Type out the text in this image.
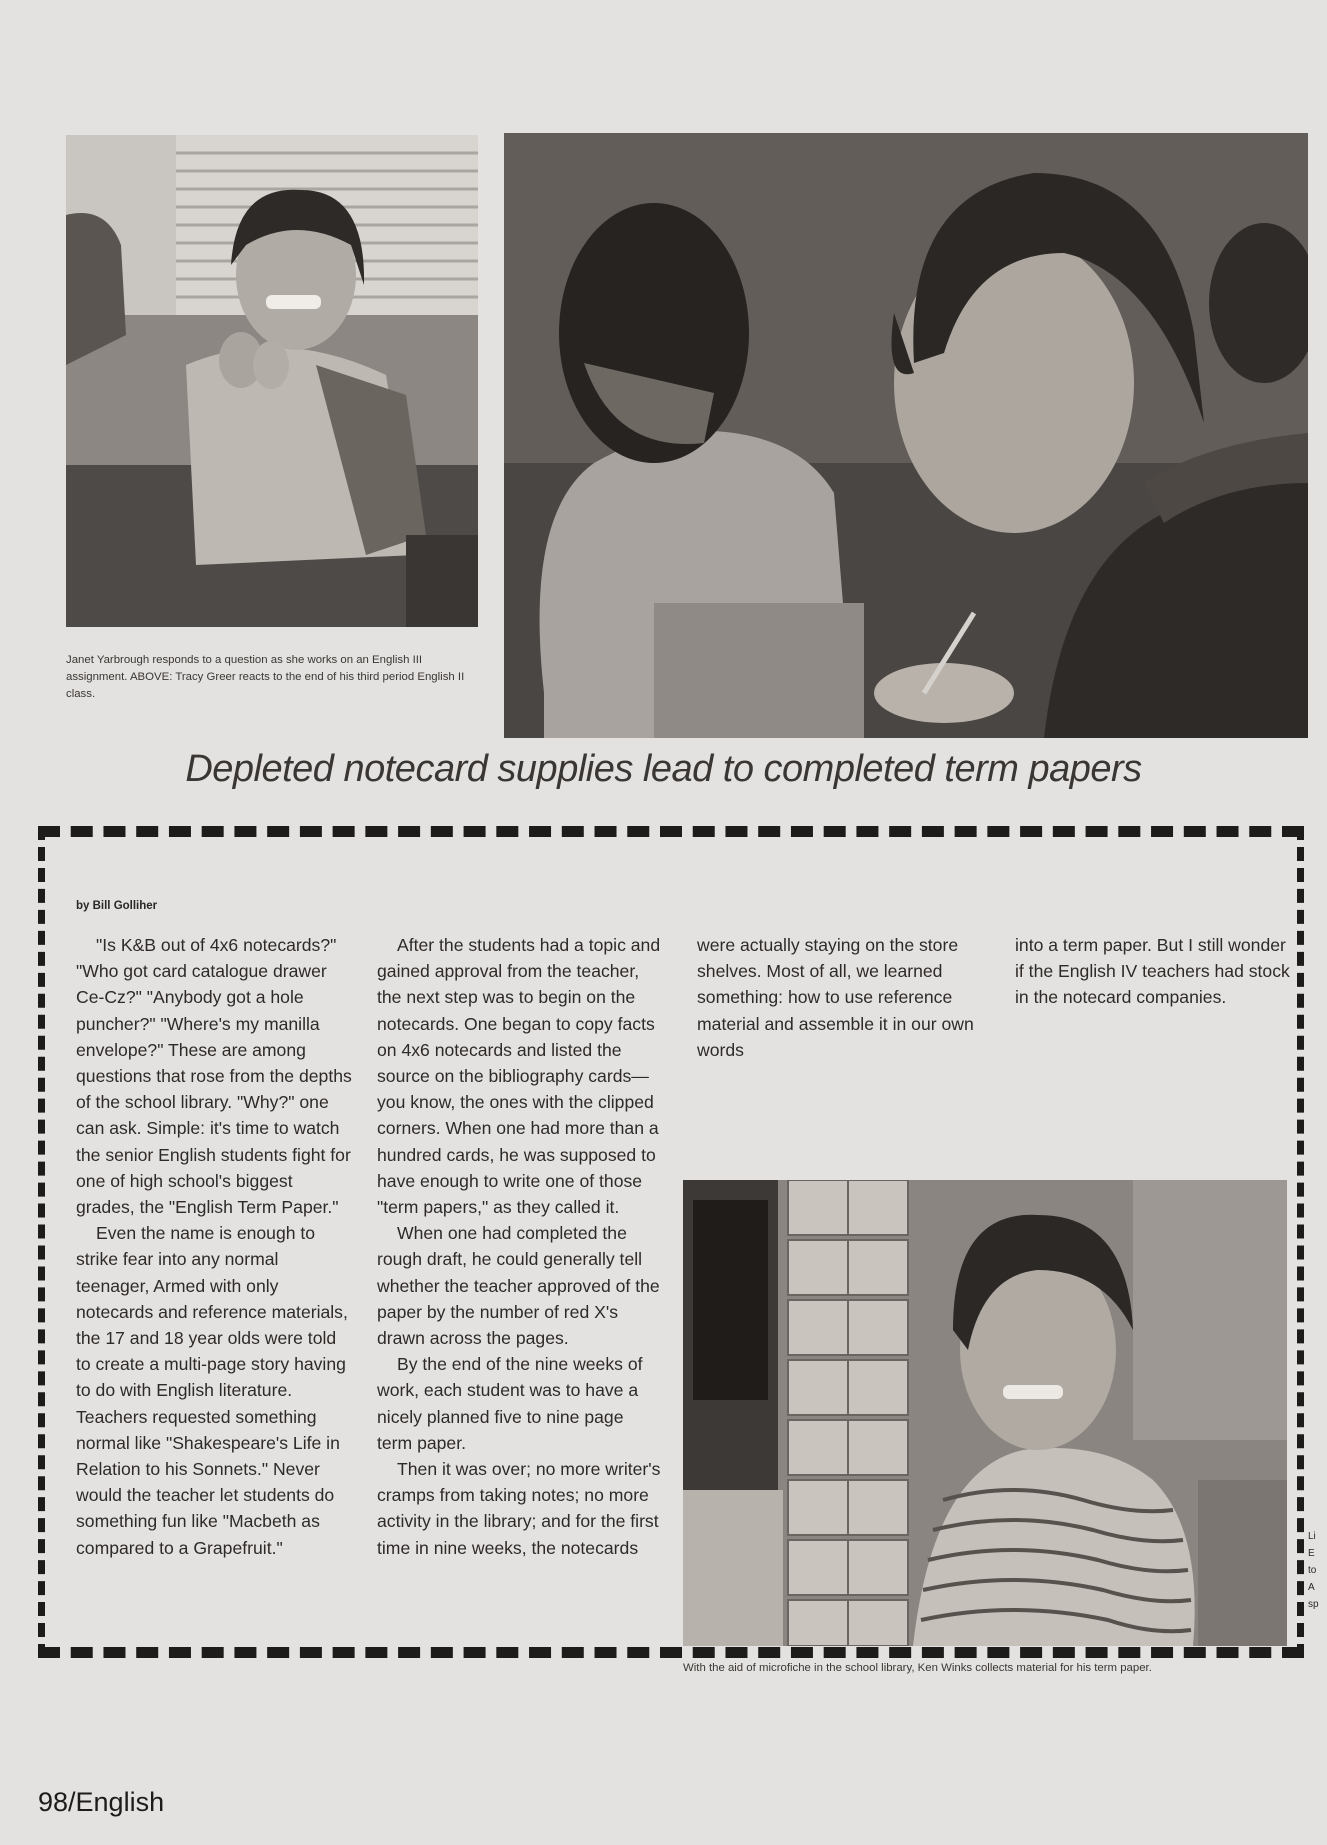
Janet Yarbrough responds to a question as she works on an English III assignment. ABOVE: Tracy Greer reacts to the end of his third period English II class.
Depleted notecard supplies lead to completed term papers
by Bill Golliher

"Is K&B out of 4x6 notecards?" "Who got card catalogue drawer Ce-Cz?" "Anybody got a hole puncher?" "Where's my manilla envelope?" These are among questions that rose from the depths of the school library. "Why?" one can ask. Simple: it's time to watch the senior English students fight for one of high school's biggest grades, the "English Term Paper."

Even the name is enough to strike fear into any normal teenager, Armed with only notecards and reference materials, the 17 and 18 year olds were told to create a multi-page story having to do with English literature. Teachers requested something normal like "Shakespeare's Life in Relation to his Sonnets." Never would the teacher let students do something fun like "Macbeth as compared to a Grapefruit."

After the students had a topic and gained approval from the teacher, the next step was to begin on the notecards. One began to copy facts on 4x6 notecards and listed the source on the bibliography cards—you know, the ones with the clipped corners. When one had more than a hundred cards, he was supposed to have enough to write one of those "term papers," as they called it.

When one had completed the rough draft, he could generally tell whether the teacher approved of the paper by the number of red X's drawn across the pages.

By the end of the nine weeks of work, each student was to have a nicely planned five to nine page term paper.

Then it was over; no more writer's cramps from taking notes; no more activity in the library; and for the first time in nine weeks, the notecards

were actually staying on the store shelves. Most of all, we learned something: how to use reference material and assemble it in our own words

into a term paper. But I still wonder if the English IV teachers had stock in the notecard companies.

With the aid of microfiche in the school library, Ken Winks collects material for his term paper.
98/English
Li
E
to
A
sp
